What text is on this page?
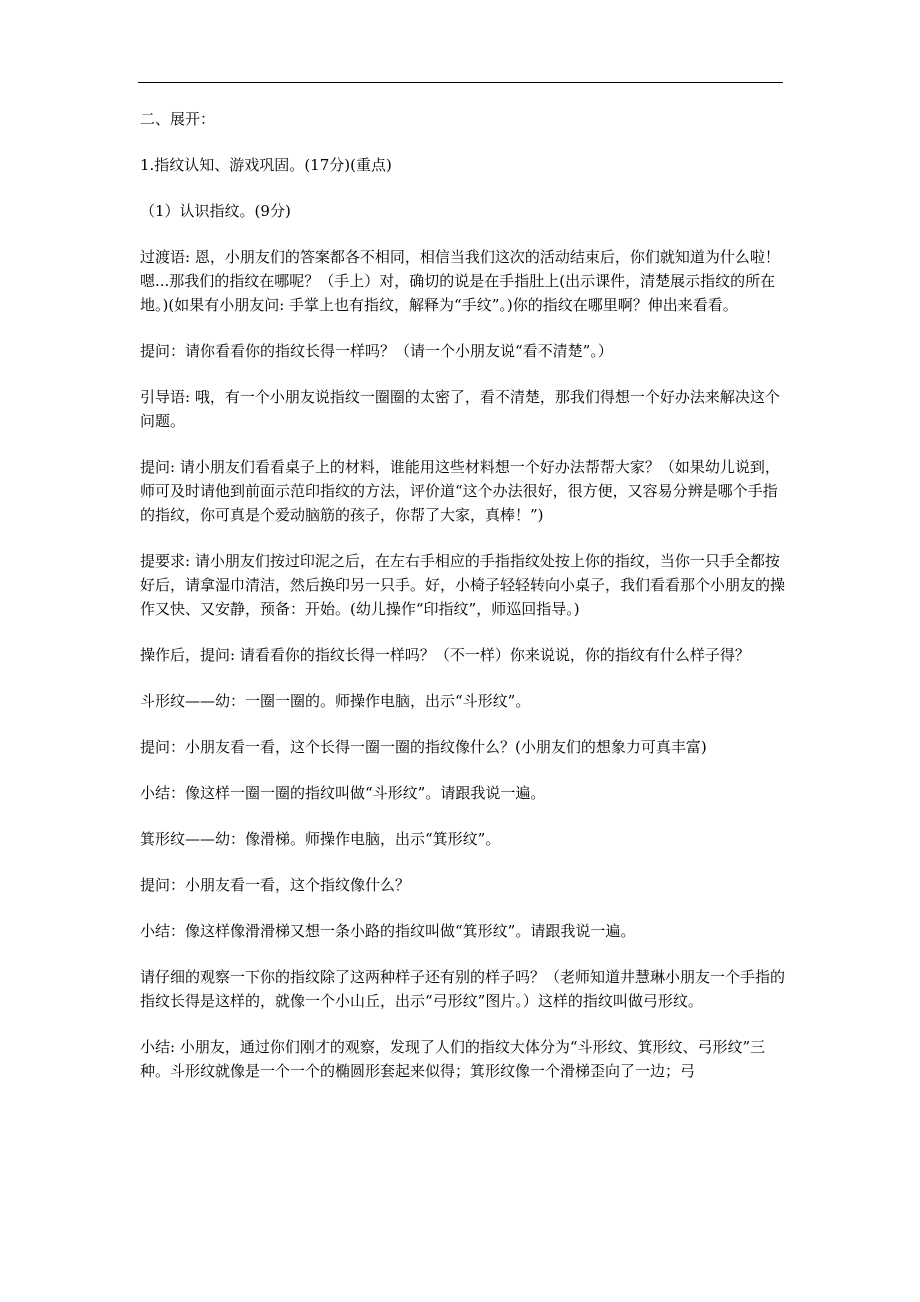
二、展开：

1.指纹认知、游戏巩固。(17分)(重点)

（1）认识指纹。(9分)

过渡语: 恩，小朋友们的答案都各不相同，相信当我们这次的活动结束后，你们就知道为什么啦！嗯...那我们的指纹在哪呢？（手上）对，确切的说是在手指肚上(出示课件，清楚展示指纹的所在地。)(如果有小朋友问: 手掌上也有指纹，解释为“手纹”。)你的指纹在哪里啊？伸出来看看。

提问：请你看看你的指纹长得一样吗？（请一个小朋友说“看不清楚”。）

引导语: 哦，有一个小朋友说指纹一圈圈的太密了，看不清楚，那我们得想一个好办法来解决这个问题。

提问: 请小朋友们看看桌子上的材料，谁能用这些材料想一个好办法帮帮大家？（如果幼儿说到，师可及时请他到前面示范印指纹的方法，评价道“这个办法很好，很方便，又容易分辨是哪个手指的指纹，你可真是个爱动脑筋的孩子，你帮了大家，真棒！”)

提要求: 请小朋友们按过印泥之后，在左右手相应的手指指纹处按上你的指纹，当你一只手全都按好后，请拿湿巾清洁，然后换印另一只手。好，小椅子轻轻转向小桌子，我们看看那个小朋友的操作又快、又安静，预备：开始。(幼儿操作“印指纹”，师巡回指导。)

操作后，提问: 请看看你的指纹长得一样吗？（不一样）你来说说，你的指纹有什么样子得？

斗形纹——幼：一圈一圈的。师操作电脑，出示“斗形纹”。

提问：小朋友看一看，这个长得一圈一圈的指纹像什么？(小朋友们的想象力可真丰富)

小结：像这样一圈一圈的指纹叫做“斗形纹”。请跟我说一遍。

箕形纹——幼：像滑梯。师操作电脑，出示“箕形纹”。

提问：小朋友看一看，这个指纹像什么？

小结：像这样像滑滑梯又想一条小路的指纹叫做“箕形纹”。请跟我说一遍。

请仔细的观察一下你的指纹除了这两种样子还有别的样子吗？（老师知道井慧琳小朋友一个手指的指纹长得是这样的，就像一个小山丘，出示“弓形纹”图片。）这样的指纹叫做弓形纹。

小结: 小朋友，通过你们刚才的观察，发现了人们的指纹大体分为“斗形纹、箕形纹、弓形纹”三种。斗形纹就像是一个一个的椭圆形套起来似得；箕形纹像一个滑梯歪向了一边；弓
